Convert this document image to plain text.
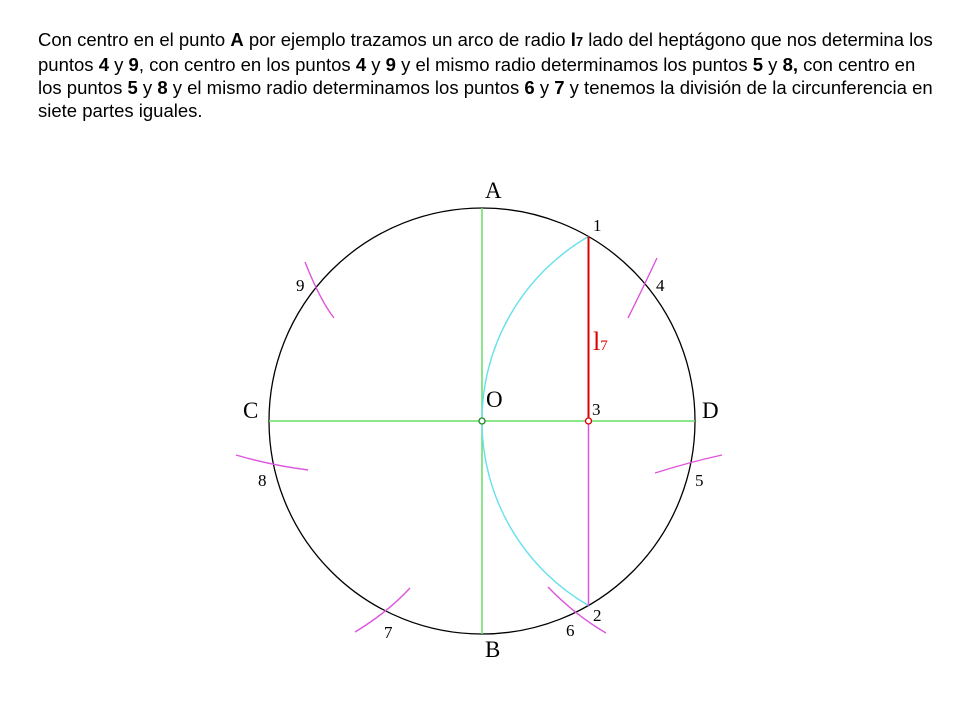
Con centro en el punto A por ejemplo trazamos un arco de radio l7 lado del heptágono que nos determina los puntos 4 y 9, con centro en los puntos 4 y 9 y el mismo radio determinamos los puntos 5 y 8, con centro en los puntos 5 y 8 y el mismo radio determinamos los puntos 6 y 7 y tenemos la división de la circunferencia en siete partes iguales.
A
B
C	D
O
1
2
3
4
5
6
7
8
9
l7
